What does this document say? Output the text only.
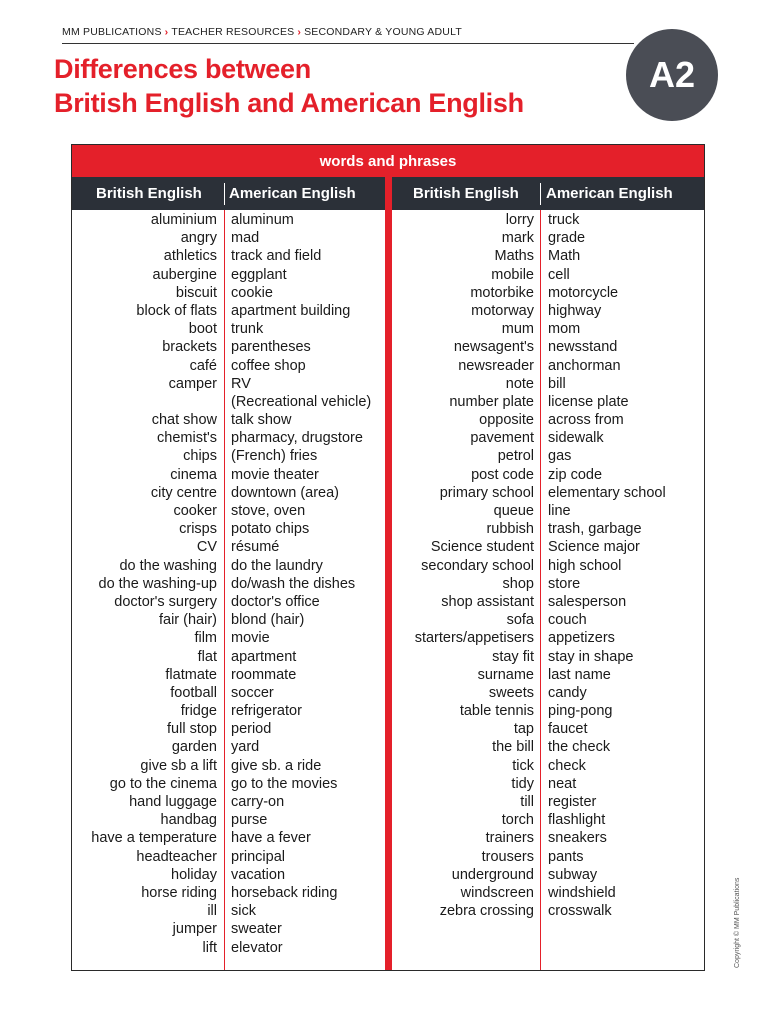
MM PUBLICATIONS › TEACHER RESOURCES › SECONDARY & YOUNG ADULT
Differences between
British English and American English
A2
words and phrases
British English American English	British English American English
aluminium
angry
athletics
aubergine
biscuit
block of flats
boot
brackets
café
camper
chat show
chemist's
chips
cinema
city centre
cooker
crisps
CV
do the washing
do the washing-up
doctor's surgery
fair (hair)
film
flat
flatmate
football
fridge
full stop
garden
give sb a lift
go to the cinema
hand luggage
handbag
have a temperature
headteacher
holiday
horse riding
ill
jumper
lift
aluminum
mad
track and field
eggplant
cookie
apartment building
trunk
parentheses
coffee shop
RV
(Recreational vehicle)
talk show
pharmacy, drugstore
(French) fries
movie theater
downtown (area)
stove, oven
potato chips
résumé
do the laundry
do/wash the dishes
doctor's office
blond (hair)
movie
apartment
roommate
soccer
refrigerator
period
yard
give sb. a ride
go to the movies
carry-on
purse
have a fever
principal
vacation
horseback riding
sick
sweater
elevator
lorry
mark
Maths
mobile
motorbike
motorway
mum
newsagent's
newsreader
note
number plate
opposite
pavement
petrol
post code
primary school
queue
rubbish
Science student
secondary school
shop
shop assistant
sofa
starters/appetisers
stay fit
surname
sweets
table tennis
tap
the bill
tick
tidy
till
torch
trainers
trousers
underground
windscreen
zebra crossing
truck
grade
Math
cell
motorcycle
highway
mom
newsstand
anchorman
bill
license plate
across from
sidewalk
gas
zip code
elementary school
line
trash, garbage
Science major
high school
store
salesperson
couch
appetizers
stay in shape
last name
candy
ping-pong
faucet
the check
check
neat
register
flashlight
sneakers
pants
subway
windshield
crosswalk	Copyright © MM Publications
